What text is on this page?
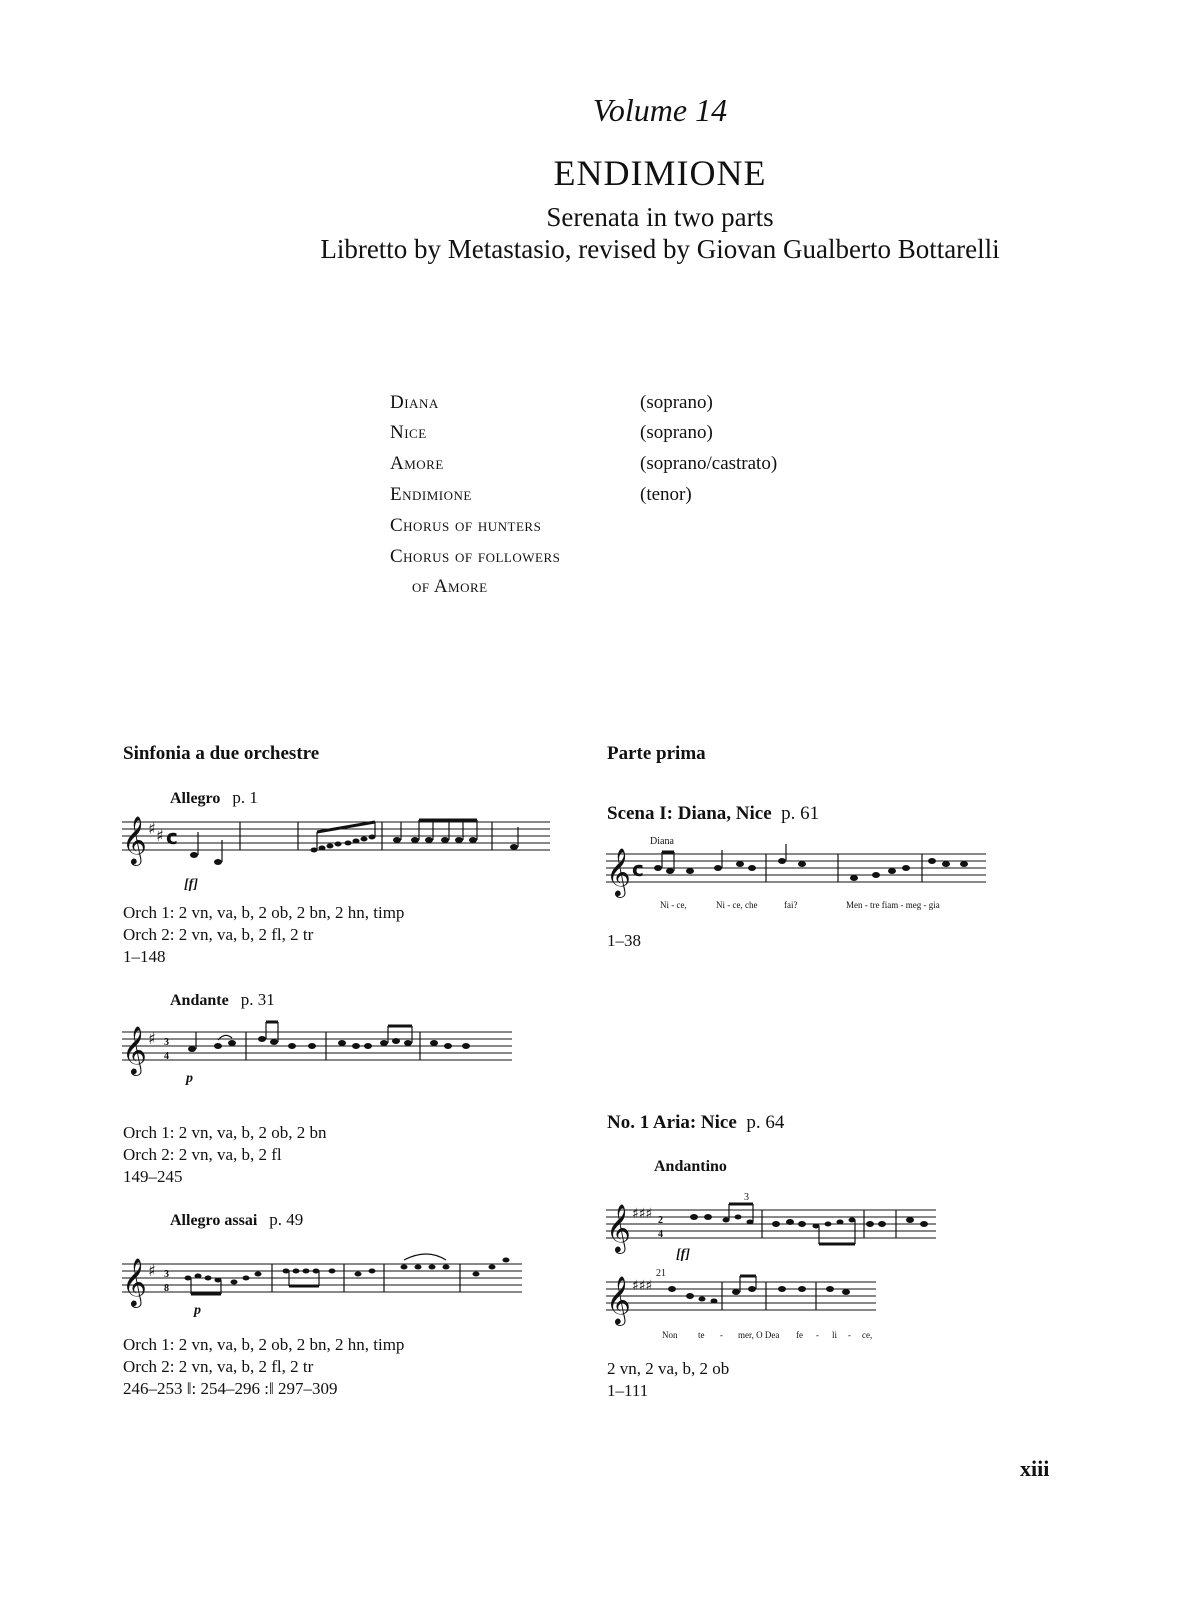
Volume 14
ENDIMIONE
Serenata in two parts
Libretto by Metastasio, revised by Giovan Gualberto Bottarelli
Diana	(soprano)
Nice	(soprano)
Amore	(soprano/castrato)
Endimione	(tenor)
Chorus of hunters
Chorus of followers
of Amore
Sinfonia a due orchestre
Allegro p. 1
𝄞 ♯ ♯ c
[f]
Orch 1: 2 vn, va, b, 2 ob, 2 bn, 2 hn, timp
Orch 2: 2 vn, va, b, 2 fl, 2 tr
1–148
Andante p. 31
𝄞 ♯ 3
4
p
Orch 1: 2 vn, va, b, 2 ob, 2 bn
Orch 2: 2 vn, va, b, 2 fl
149–245
Allegro assai p. 49
𝄞 ♯ 3
8
p
Orch 1: 2 vn, va, b, 2 ob, 2 bn, 2 hn, timp
Orch 2: 2 vn, va, b, 2 fl, 2 tr
246–253 ‖: 254–296 :‖ 297–309
Parte prima
Scena I: Diana, Nice p. 61
Diana
𝄞 c
Ni - ce,	Ni - ce, che	fai?	Men - tre fiam - meg - gia
1–38
No. 1 Aria: Nice p. 64
Andantino
𝄞 ♯♯♯ 2
4
3
[f]
21
𝄞 ♯♯♯
Non te - mer, O Dea fe - li - ce,
2 vn, 2 va, b, 2 ob
1–111
xiii
